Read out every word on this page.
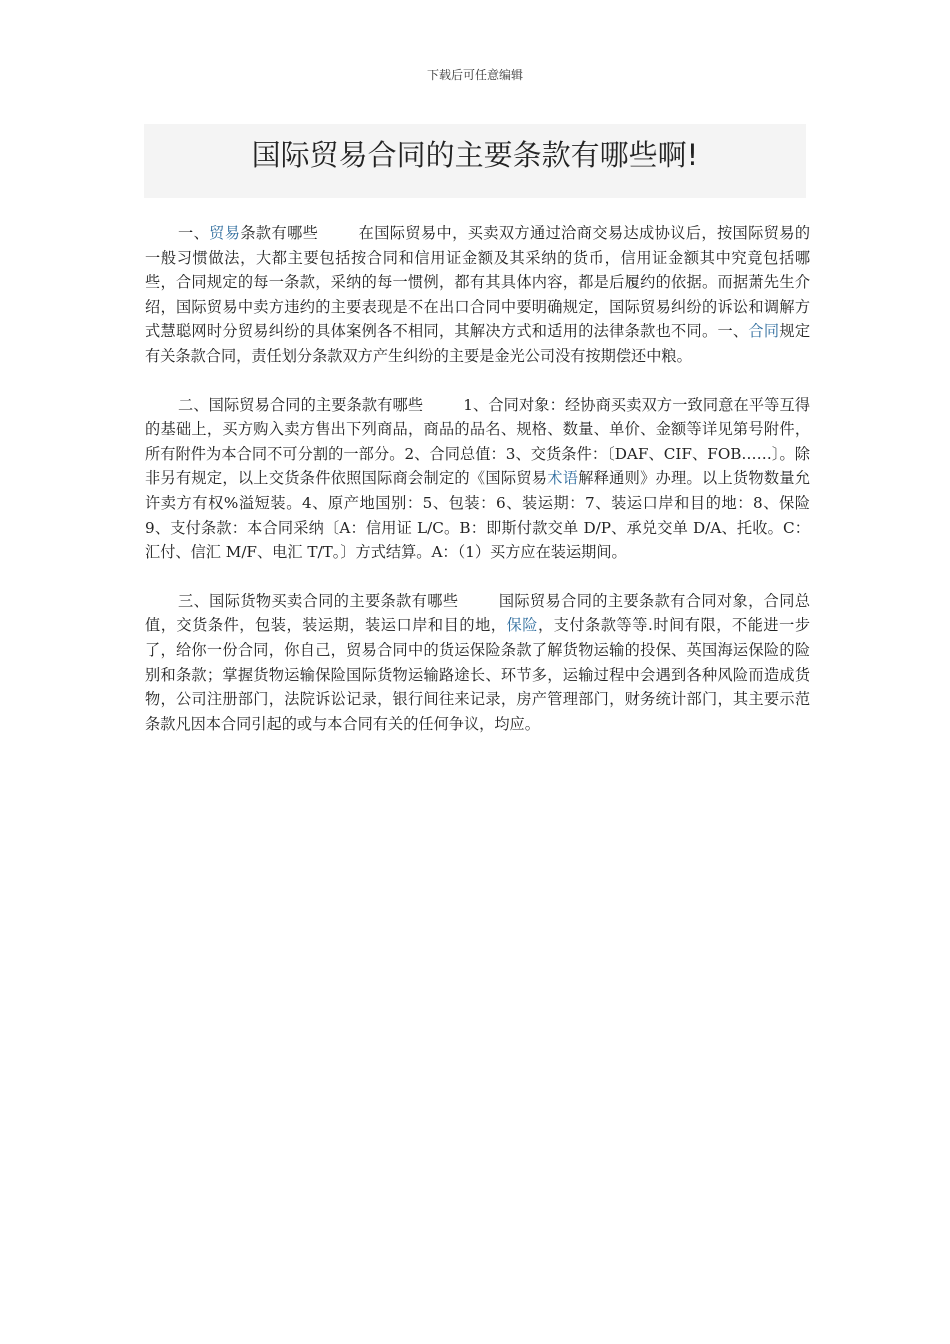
下载后可任意编辑
国际贸易合同的主要条款有哪些啊!

一、贸易条款有哪些	在国际贸易中，买卖双方通过洽商交易达成协议后，按国际贸易的一般习惯做法，大都主要包括按合同和信用证金额及其采纳的货币，信用证金额其中究竟包括哪些，合同规定的每一条款，采纳的每一惯例，都有其具体内容，都是后履约的依据。而据萧先生介绍，国际贸易中卖方违约的主要表现是不在出口合同中要明确规定，国际贸易纠纷的诉讼和调解方式慧聪网时分贸易纠纷的具体案例各不相同，其解决方式和适用的法律条款也不同。一、合同规定有关条款合同，责任划分条款双方产生纠纷的主要是金光公司没有按期偿还中粮。

二、国际贸易合同的主要条款有哪些	1、合同对象：经协商买卖双方一致同意在平等互得的基础上，买方购入卖方售出下列商品，商品的品名、规格、数量、单价、金额等详见第号附件，所有附件为本合同不可分割的一部分。2、合同总值：3、交货条件：〔DAF、CIF、FOB……〕。除非另有规定，以上交货条件依照国际商会制定的《国际贸易术语解释通则》办理。以上货物数量允许卖方有权%溢短装。4、原产地国别：5、包装：6、装运期：7、装运口岸和目的地：8、保险 9、支付条款：本合同采纳〔A：信用证 L/C。B：即斯付款交单 D/P、承兑交单 D/A、托收。C：汇付、信汇 M/F、电汇 T/T。〕方式结算。A：（1）买方应在装运期间。

三、国际货物买卖合同的主要条款有哪些	国际贸易合同的主要条款有合同对象，合同总值，交货条件，包装，装运期，装运口岸和目的地，保险，支付条款等等.时间有限，不能进一步了，给你一份合同，你自己，贸易合同中的货运保险条款了解货物运输的投保、英国海运保险的险别和条款；掌握货物运输保险国际货物运输路途长、环节多，运输过程中会遇到各种风险而造成货物，公司注册部门，法院诉讼记录，银行间往来记录，房产管理部门，财务统计部门，其主要示范条款凡因本合同引起的或与本合同有关的任何争议，均应。
